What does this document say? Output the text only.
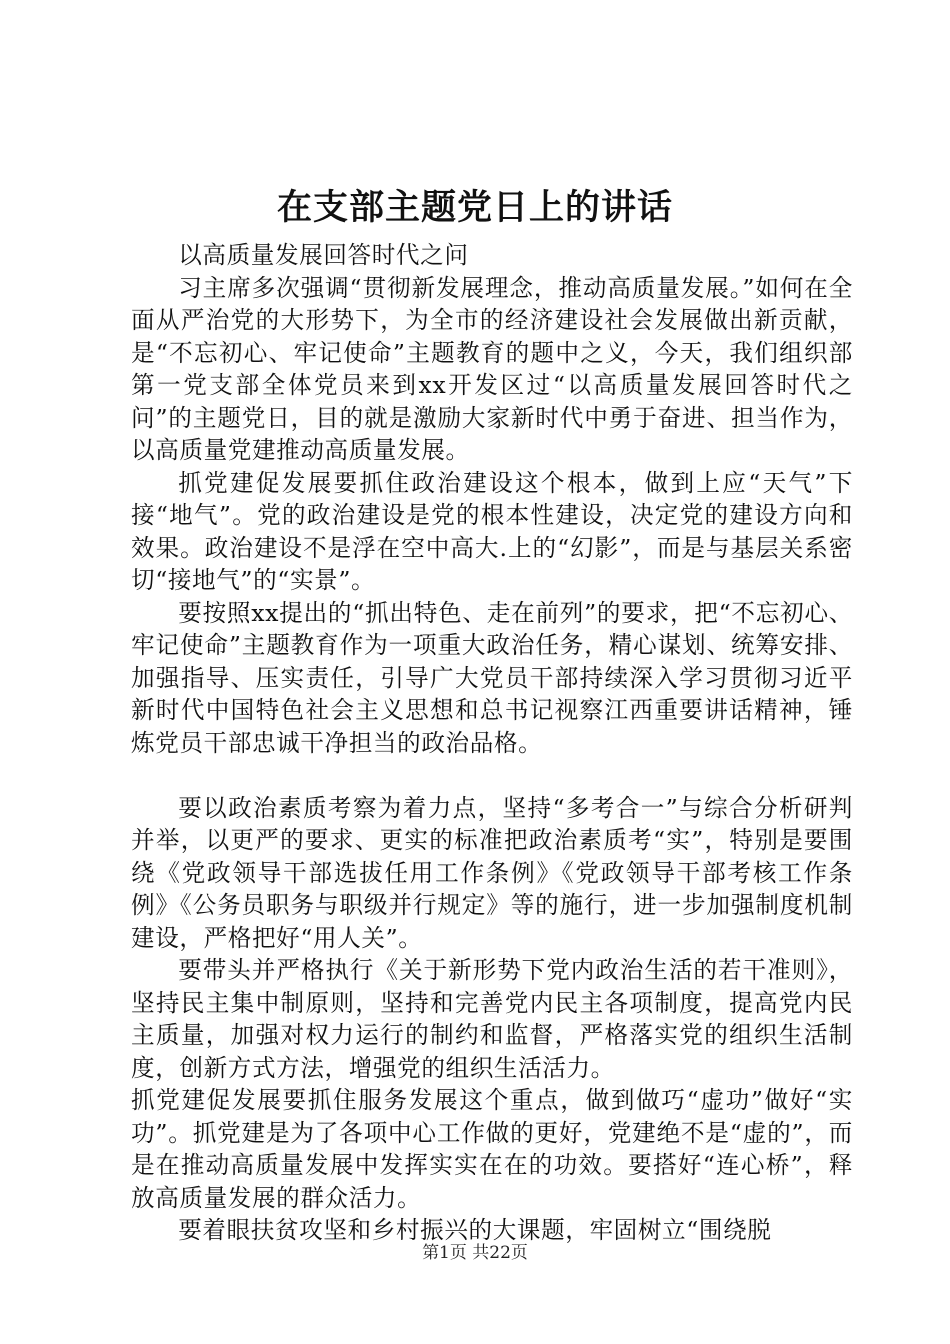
在支部主题党日上的讲话

以高质量发展回答时代之问

习主席多次强调“贯彻新发展理念，推动高质量发展。”如何在全面从严治党的大形势下，为全市的经济建设社会发展做出新贡献，是“不忘初心、牢记使命”主题教育的题中之义，今天，我们组织部第一党支部全体党员来到xx开发区过“以高质量发展回答时代之问”的主题党日，目的就是激励大家新时代中勇于奋进、担当作为，以高质量党建推动高质量发展。

抓党建促发展要抓住政治建设这个根本，做到上应“天气”下接“地气”。党的政治建设是党的根本性建设，决定党的建设方向和效果。政治建设不是浮在空中高大.上的“幻影”，而是与基层关系密切“接地气”的“实景”。

要按照xx提出的“抓出特色、走在前列”的要求，把“不忘初心、牢记使命”主题教育作为一项重大政治任务，精心谋划、统筹安排、加强指导、压实责任，引导广大党员干部持续深入学习贯彻习近平新时代中国特色社会主义思想和总书记视察江西重要讲话精神，锤炼党员干部忠诚干净担当的政治品格。

要以政治素质考察为着力点，坚持“多考合一”与综合分析研判并举，以更严的要求、更实的标准把政治素质考“实”，特别是要围绕《党政领导干部选拔任用工作条例》《党政领导干部考核工作条例》《公务员职务与职级并行规定》等的施行，进一步加强制度机制建设，严格把好“用人关”。

要带头并严格执行《关于新形势下党内政治生活的若干准则》，坚持民主集中制原则，坚持和完善党内民主各项制度，提高党内民主质量，加强对权力运行的制约和监督，严格落实党的组织生活制度，创新方式方法，增强党的组织生活活力。

抓党建促发展要抓住服务发展这个重点，做到做巧“虚功”做好“实功”。抓党建是为了各项中心工作做的更好，党建绝不是“虚的”，而是在推动高质量发展中发挥实实在在的功效。要搭好“连心桥”，释放高质量发展的群众活力。

要着眼扶贫攻坚和乡村振兴的大课题，牢固树立“围绕脱

第1页 共22页
